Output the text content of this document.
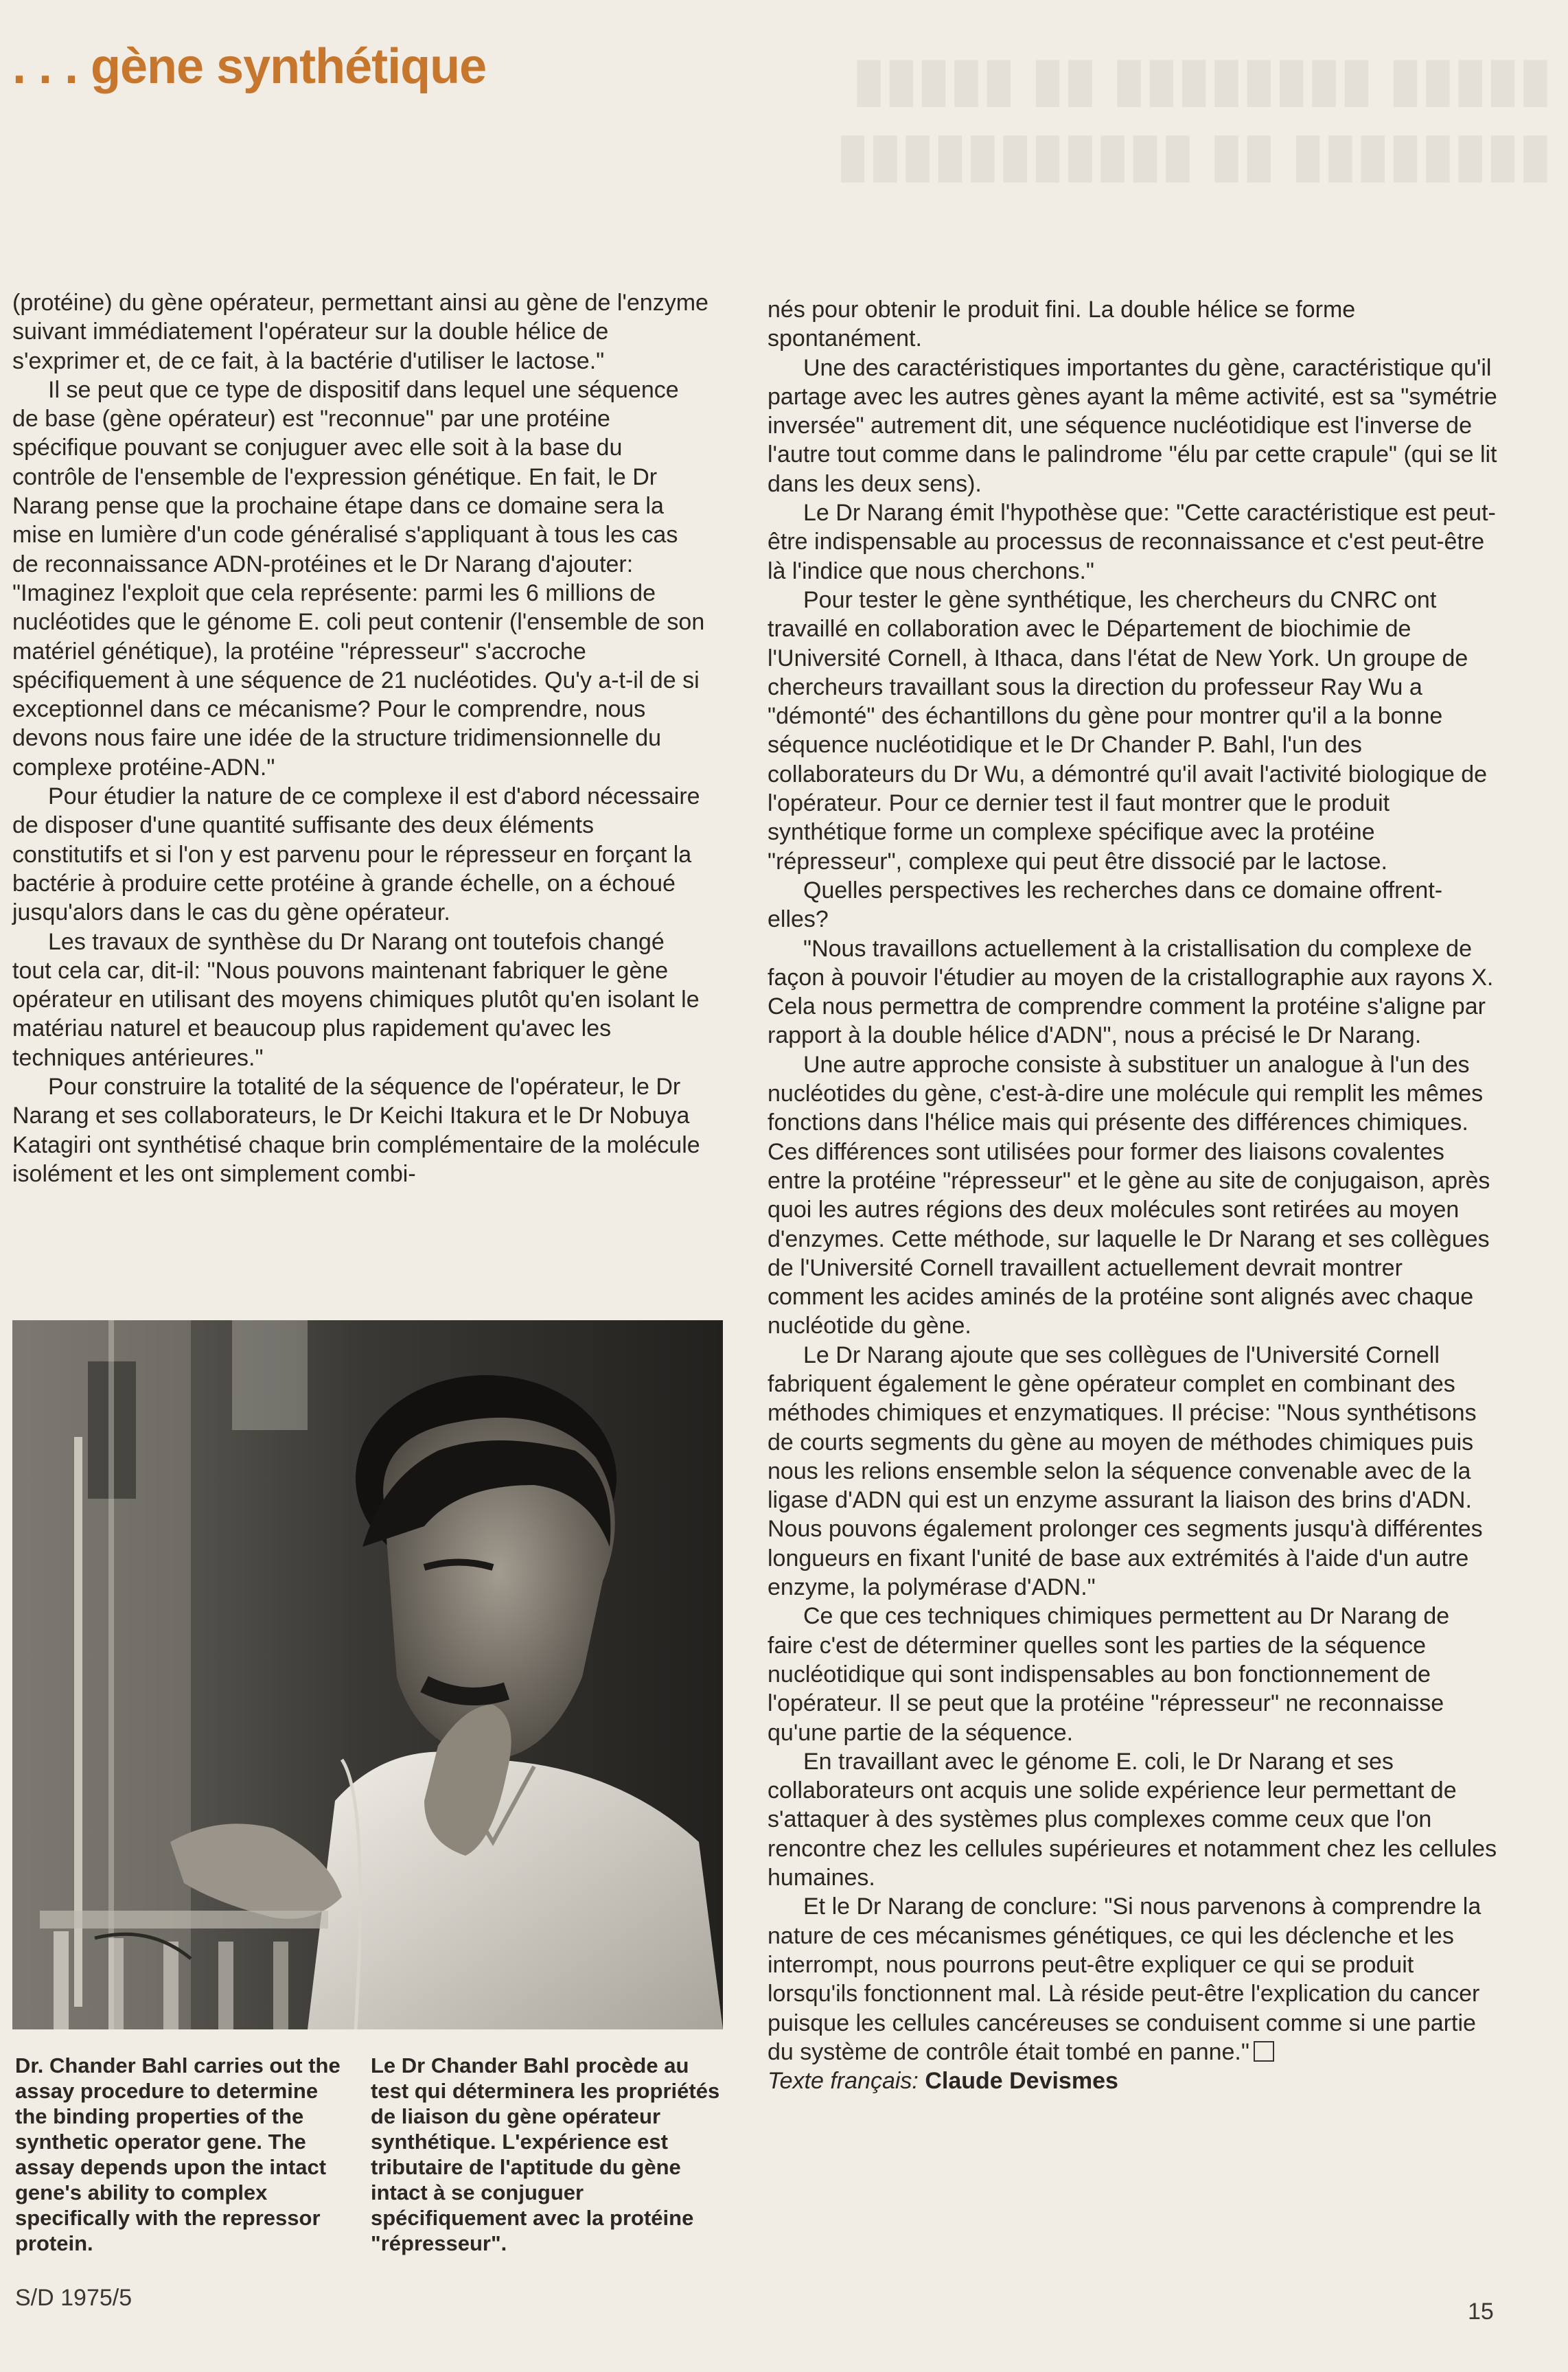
▮▮▮▮▮ ▮▮▮▮▮▮▮▮ ▮▮ ▮▮▮▮▮
▮▮▮▮▮▮▮▮ ▮▮ ▮▮▮▮▮▮▮▮▮▮▮
. . . gène synthétique

(protéine) du gène opérateur, permettant ainsi au gène de l'enzyme suivant immédiatement l'opérateur sur la double hélice de s'exprimer et, de ce fait, à la bactérie d'utiliser le lactose."

Il se peut que ce type de dispositif dans lequel une séquence de base (gène opérateur) est "reconnue" par une protéine spécifique pouvant se conjuguer avec elle soit à la base du contrôle de l'ensemble de l'expression génétique. En fait, le Dr Narang pense que la prochaine étape dans ce domaine sera la mise en lumière d'un code généralisé s'appliquant à tous les cas de reconnaissance ADN-protéines et le Dr Narang d'ajouter: "Imaginez l'exploit que cela représente: parmi les 6 millions de nucléotides que le génome E. coli peut contenir (l'ensemble de son matériel génétique), la protéine "répresseur" s'accroche spécifiquement à une séquence de 21 nucléotides. Qu'y a-t-il de si exceptionnel dans ce mécanisme? Pour le comprendre, nous devons nous faire une idée de la structure tridimensionnelle du complexe protéine-ADN."

Pour étudier la nature de ce complexe il est d'abord nécessaire de disposer d'une quantité suffisante des deux éléments constitutifs et si l'on y est parvenu pour le répresseur en forçant la bactérie à produire cette protéine à grande échelle, on a échoué jusqu'alors dans le cas du gène opérateur.

Les travaux de synthèse du Dr Narang ont toutefois changé tout cela car, dit-il: "Nous pouvons maintenant fabriquer le gène opérateur en utilisant des moyens chimiques plutôt qu'en isolant le matériau naturel et beaucoup plus rapidement qu'avec les techniques antérieures."

Pour construire la totalité de la séquence de l'opérateur, le Dr Narang et ses collaborateurs, le Dr Keichi Itakura et le Dr Nobuya Katagiri ont synthétisé chaque brin complémentaire de la molécule isolément et les ont simplement combi-

nés pour obtenir le produit fini. La double hélice se forme spontanément.

Une des caractéristiques importantes du gène, caractéristique qu'il partage avec les autres gènes ayant la même activité, est sa "symétrie inversée" autrement dit, une séquence nucléotidique est l'inverse de l'autre tout comme dans le palindrome "élu par cette crapule" (qui se lit dans les deux sens).

Le Dr Narang émit l'hypothèse que: "Cette caractéristique est peut-être indispensable au processus de reconnaissance et c'est peut-être là l'indice que nous cherchons."

Pour tester le gène synthétique, les chercheurs du CNRC ont travaillé en collaboration avec le Département de biochimie de l'Université Cornell, à Ithaca, dans l'état de New York. Un groupe de chercheurs travaillant sous la direction du professeur Ray Wu a "démonté" des échantillons du gène pour montrer qu'il a la bonne séquence nucléotidique et le Dr Chander P. Bahl, l'un des collaborateurs du Dr Wu, a démontré qu'il avait l'activité biologique de l'opérateur. Pour ce dernier test il faut montrer que le produit synthétique forme un complexe spécifique avec la protéine "répresseur", complexe qui peut être dissocié par le lactose.

Quelles perspectives les recherches dans ce domaine offrent-elles?

"Nous travaillons actuellement à la cristallisation du complexe de façon à pouvoir l'étudier au moyen de la cristallographie aux rayons X. Cela nous permettra de comprendre comment la protéine s'aligne par rapport à la double hélice d'ADN", nous a précisé le Dr Narang.

Une autre approche consiste à substituer un analogue à l'un des nucléotides du gène, c'est-à-dire une molécule qui remplit les mêmes fonctions dans l'hélice mais qui présente des différences chimiques. Ces différences sont utilisées pour former des liaisons covalentes entre la protéine "répresseur" et le gène au site de conjugaison, après quoi les autres régions des deux molécules sont retirées au moyen d'enzymes. Cette méthode, sur laquelle le Dr Narang et ses collègues de l'Université Cornell travaillent actuellement devrait montrer comment les acides aminés de la protéine sont alignés avec chaque nucléotide du gène.

Le Dr Narang ajoute que ses collègues de l'Université Cornell fabriquent également le gène opérateur complet en combinant des méthodes chimiques et enzymatiques. Il précise: "Nous synthétisons de courts segments du gène au moyen de méthodes chimiques puis nous les relions ensemble selon la séquence convenable avec de la ligase d'ADN qui est un enzyme assurant la liaison des brins d'ADN. Nous pouvons également prolonger ces segments jusqu'à différentes longueurs en fixant l'unité de base aux extrémités à l'aide d'un autre enzyme, la polymérase d'ADN."

Ce que ces techniques chimiques permettent au Dr Narang de faire c'est de déterminer quelles sont les parties de la séquence nucléotidique qui sont indispensables au bon fonctionnement de l'opérateur. Il se peut que la protéine "répresseur" ne reconnaisse qu'une partie de la séquence.

En travaillant avec le génome E. coli, le Dr Narang et ses collaborateurs ont acquis une solide expérience leur permettant de s'attaquer à des systèmes plus complexes comme ceux que l'on rencontre chez les cellules supérieures et notamment chez les cellules humaines.

Et le Dr Narang de conclure: "Si nous parvenons à comprendre la nature de ces mécanismes génétiques, ce qui les déclenche et les interrompt, nous pourrons peut-être expliquer ce qui se produit lorsqu'ils fonctionnent mal. Là réside peut-être l'explication du cancer puisque les cellules cancéreuses se conduisent comme si une partie du système de contrôle était tombé en panne."

Texte français: Claude Devismes
Dr. Chander Bahl carries out the assay procedure to determine the binding properties of the synthetic operator gene. The assay depends upon the intact gene's ability to complex specifically with the repressor protein.
Le Dr Chander Bahl procède au test qui déterminera les propriétés de liaison du gène opérateur synthétique. L'expérience est tributaire de l'aptitude du gène intact à se conjuguer spécifiquement avec la protéine "répresseur".
S/D 1975/5
15
